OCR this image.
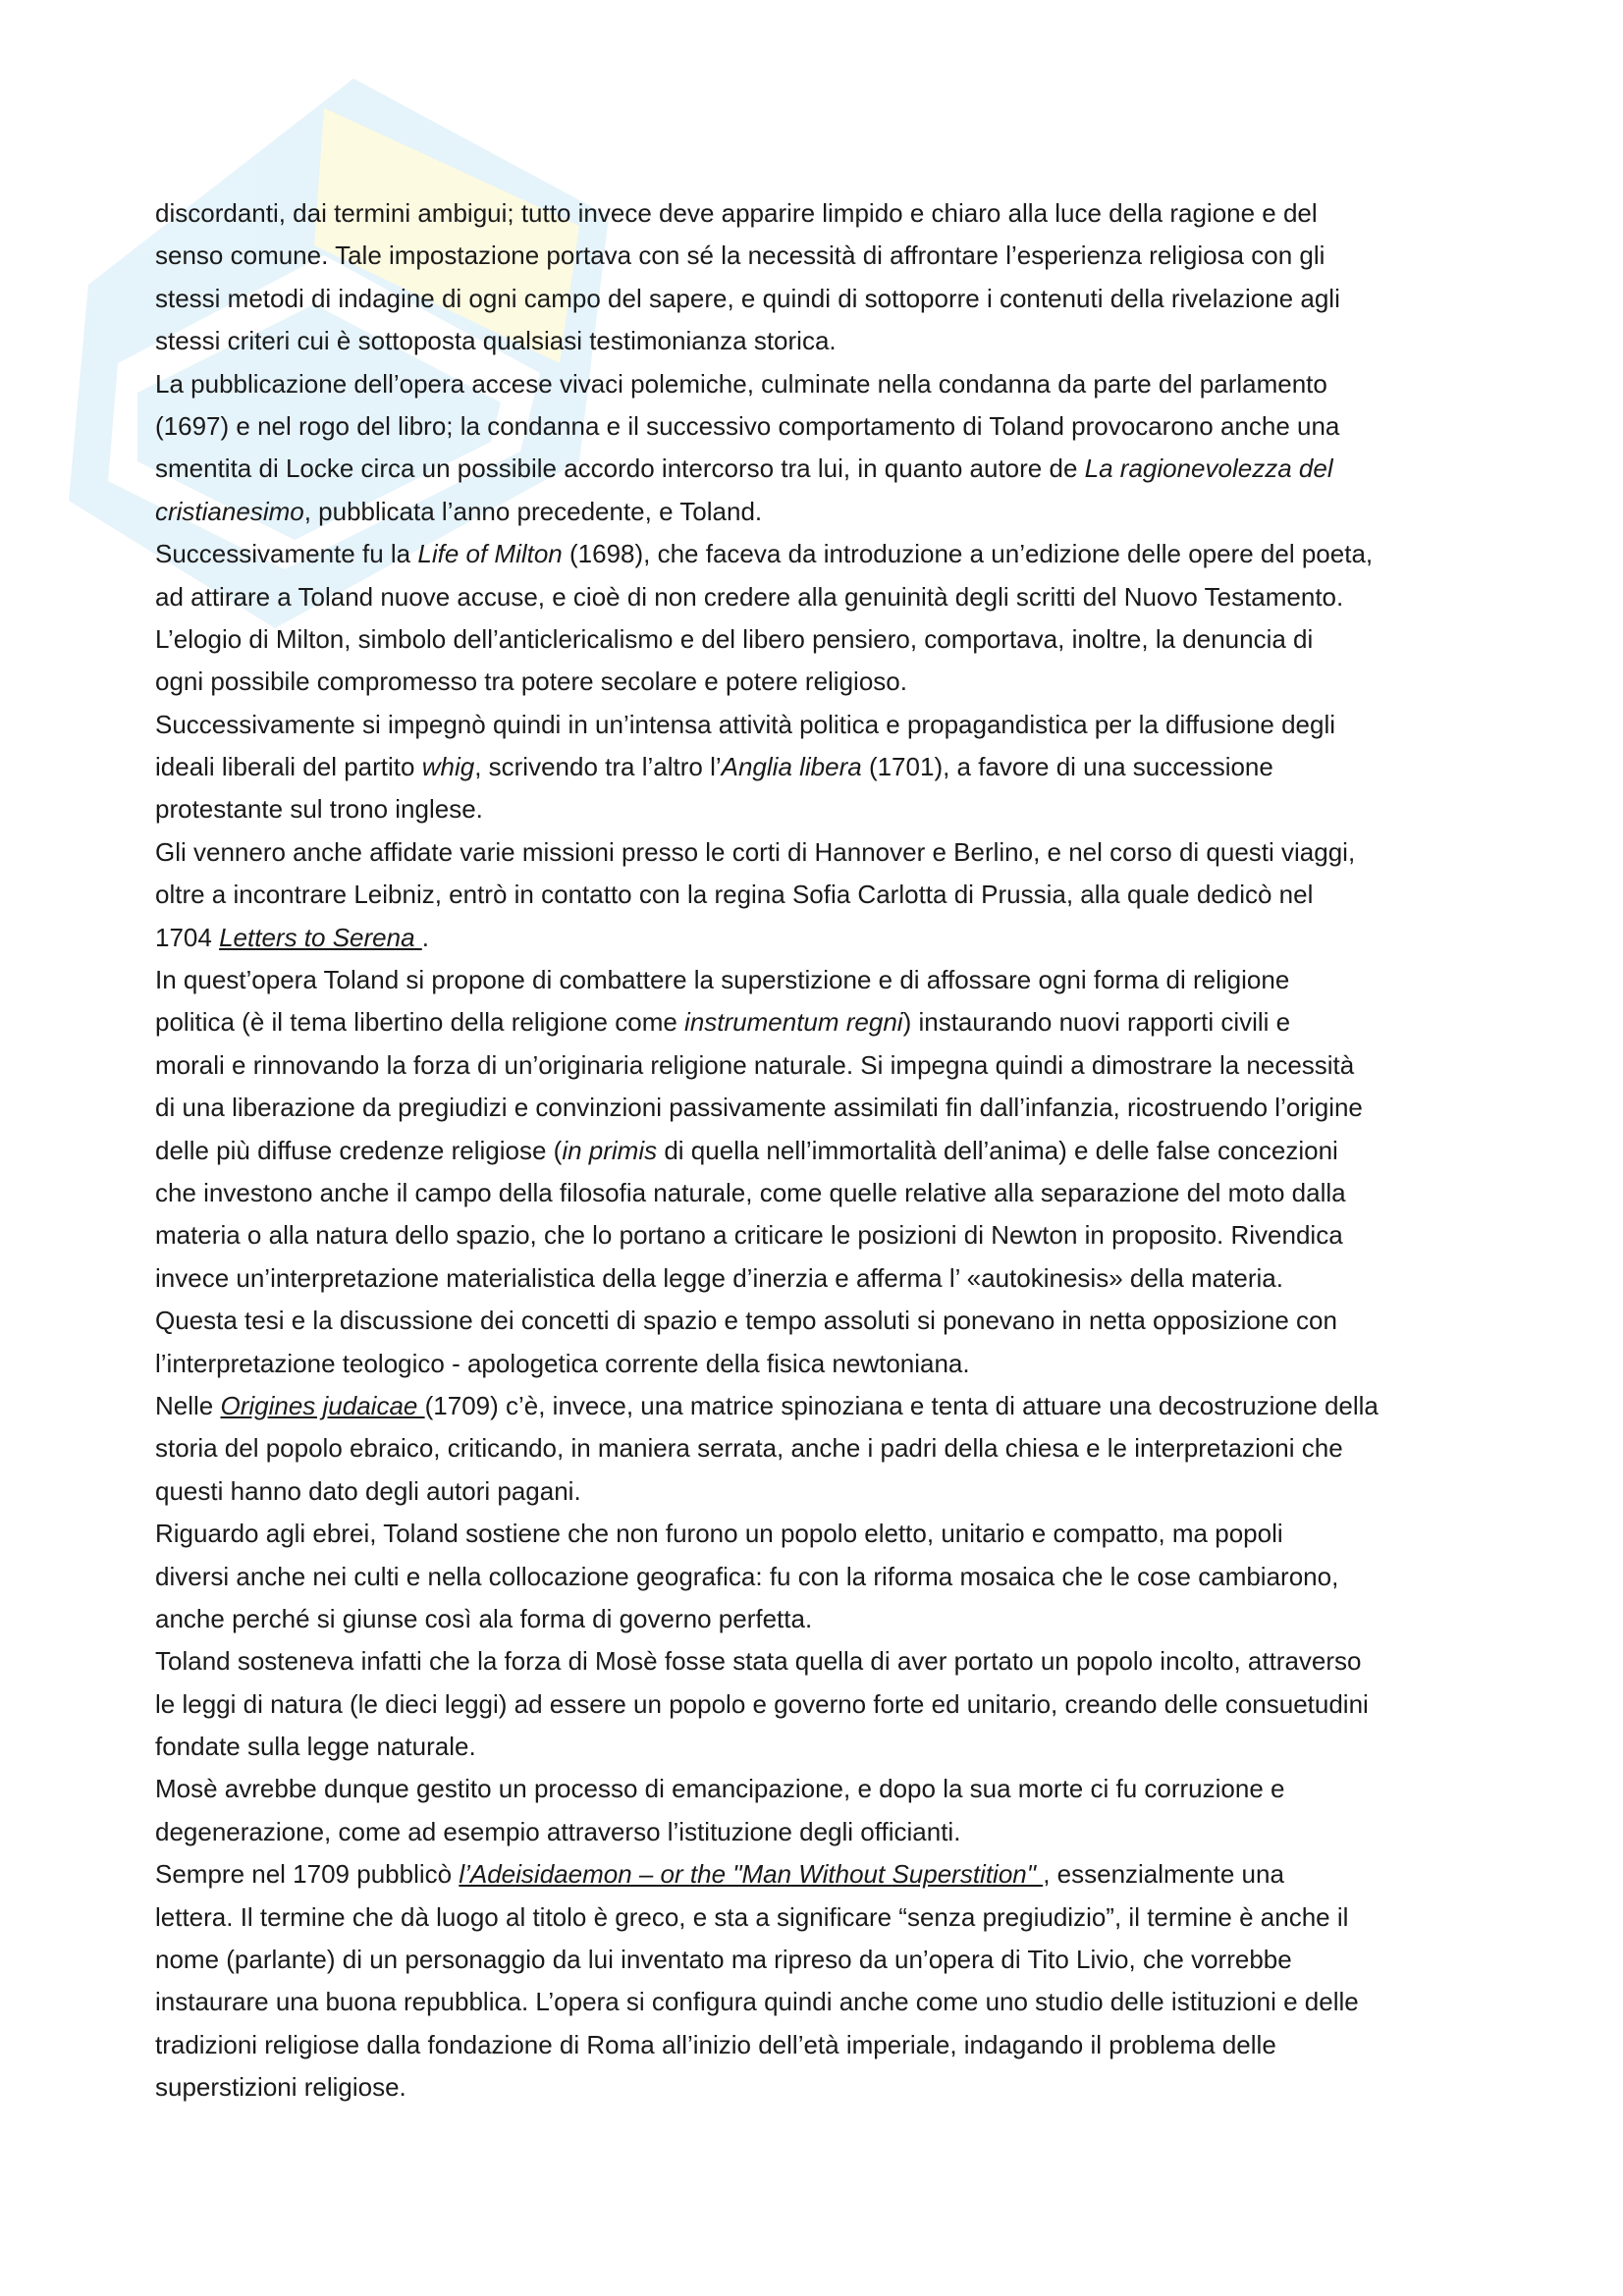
discordanti, dai termini ambigui; tutto invece deve apparire limpido e chiaro alla luce della ragione e del
senso comune. Tale impostazione portava con sé la necessità di affrontare l’esperienza religiosa con gli
stessi metodi di indagine di ogni campo del sapere, e quindi di sottoporre i contenuti della rivelazione agli
stessi criteri cui è sottoposta qualsiasi testimonianza storica.
La pubblicazione dell’opera accese vivaci polemiche, culminate nella condanna da parte del parlamento
(1697) e nel rogo del libro; la condanna e il successivo comportamento di Toland provocarono anche una
smentita di Locke circa un possibile accordo intercorso tra lui, in quanto autore de La ragionevolezza del
cristianesimo, pubblicata l’anno precedente, e Toland.
Successivamente fu la Life of Milton (1698), che faceva da introduzione a un’edizione delle opere del poeta,
ad attirare a Toland nuove accuse, e cioè di non credere alla genuinità degli scritti del Nuovo Testamento.
L’elogio di Milton, simbolo dell’anticlericalismo e del libero pensiero, comportava, inoltre, la denuncia di
ogni possibile compromesso tra potere secolare e potere religioso.
Successivamente si impegnò quindi in un’intensa attività politica e propagandistica per la diffusione degli
ideali liberali del partito whig, scrivendo tra l’altro l’Anglia libera (1701), a favore di una successione
protestante sul trono inglese.
Gli vennero anche affidate varie missioni presso le corti di Hannover e Berlino, e nel corso di questi viaggi,
oltre a incontrare Leibniz, entrò in contatto con la regina Sofia Carlotta di Prussia, alla quale dedicò nel
1704 Letters to Serena .
In quest’opera Toland si propone di combattere la superstizione e di affossare ogni forma di religione
politica (è il tema libertino della religione come instrumentum regni) instaurando nuovi rapporti civili e
morali e rinnovando la forza di un’originaria religione naturale. Si impegna quindi a dimostrare la necessità
di una liberazione da pregiudizi e convinzioni passivamente assimilati fin dall’infanzia, ricostruendo l’origine
delle più diffuse credenze religiose (in primis di quella nell’immortalità dell’anima) e delle false concezioni
che investono anche il campo della filosofia naturale, come quelle relative alla separazione del moto dalla
materia o alla natura dello spazio, che lo portano a criticare le posizioni di Newton in proposito. Rivendica
invece un’interpretazione materialistica della legge d’inerzia e afferma l’ «autokinesis» della materia.
Questa tesi e la discussione dei concetti di spazio e tempo assoluti si ponevano in netta opposizione con
l’interpretazione teologico - apologetica corrente della fisica newtoniana.
Nelle Origines judaicae (1709) c’è, invece, una matrice spinoziana e tenta di attuare una decostruzione della
storia del popolo ebraico, criticando, in maniera serrata, anche i padri della chiesa e le interpretazioni che
questi hanno dato degli autori pagani.
Riguardo agli ebrei, Toland sostiene che non furono un popolo eletto, unitario e compatto, ma popoli
diversi anche nei culti e nella collocazione geografica: fu con la riforma mosaica che le cose cambiarono,
anche perché si giunse così ala forma di governo perfetta.
Toland sosteneva infatti che la forza di Mosè fosse stata quella di aver portato un popolo incolto, attraverso
le leggi di natura (le dieci leggi) ad essere un popolo e governo forte ed unitario, creando delle consuetudini
fondate sulla legge naturale.
Mosè avrebbe dunque gestito un processo di emancipazione, e dopo la sua morte ci fu corruzione e
degenerazione, come ad esempio attraverso l’istituzione degli officianti.
Sempre nel 1709 pubblicò l’Adeisidaemon – or the "Man Without Superstition" , essenzialmente una
lettera. Il termine che dà luogo al titolo è greco, e sta a significare “senza pregiudizio”, il termine è anche il
nome (parlante) di un personaggio da lui inventato ma ripreso da un’opera di Tito Livio, che vorrebbe
instaurare una buona repubblica. L’opera si configura quindi anche come uno studio delle istituzioni e delle
tradizioni religiose dalla fondazione di Roma all’inizio dell’età imperiale, indagando il problema delle
superstizioni religiose.
